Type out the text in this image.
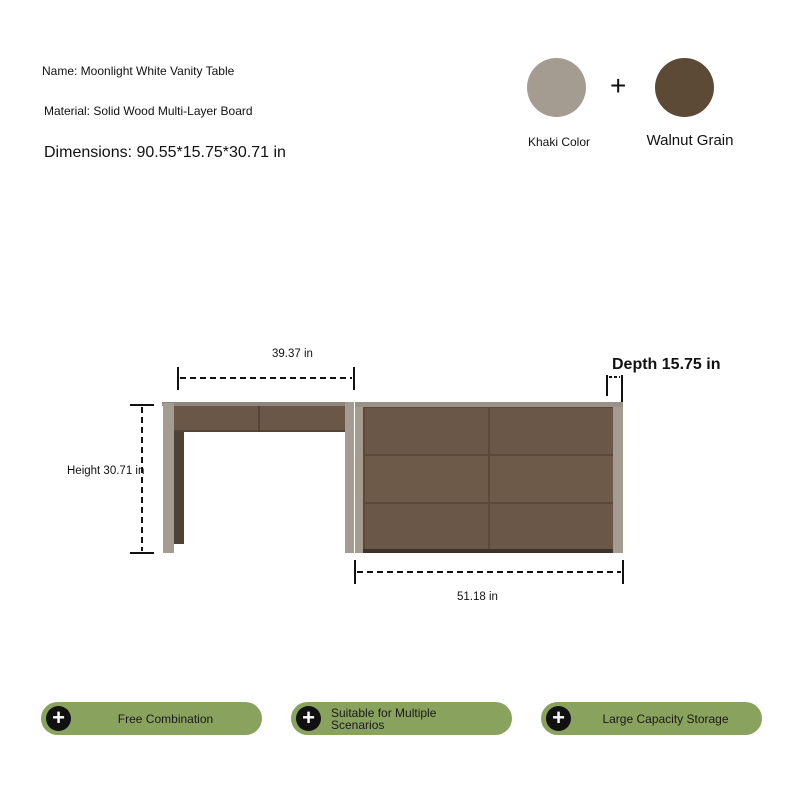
Name: Moonlight White Vanity Table
Material: Solid Wood Multi-Layer Board
Dimensions: 90.55*15.75*30.71 in
+
Khaki Color	Walnut Grain
39.37 in
Depth 15.75 in
Height 30.71 in
51.18 in
+	Free Combination	+	Suitable for Multiple Scenarios	+	Large Capacity Storage
